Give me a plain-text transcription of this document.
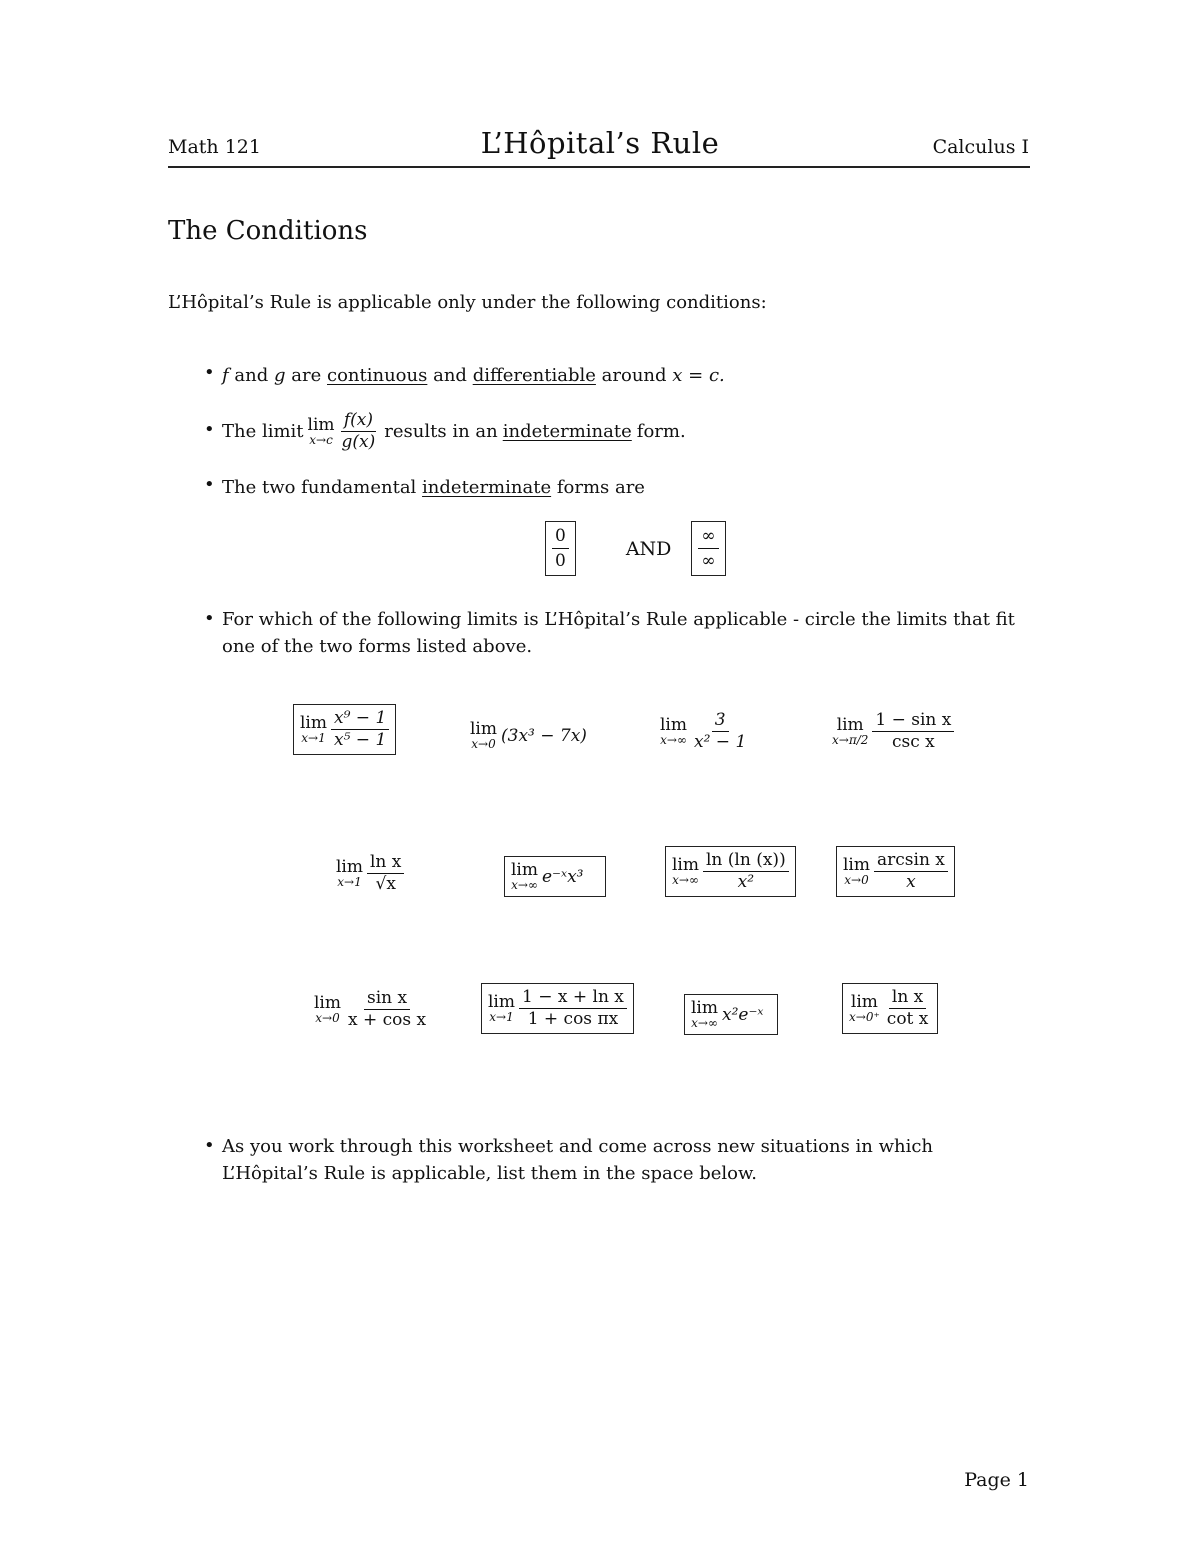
Math 121	L’Hôpital’s Rule	Calculus I
The Conditions
L’Hôpital’s Rule is applicable only under the following conditions:
• f and g are continuous and differentiable around x = c.
• The limit lim
$x\to c \frac{f(x)}{g(x)}$ results in an indeterminate form.
• The two fundamental indeterminate forms are
$\frac{0}{0}$	AND $\frac{\infty}{\infty}$
• For which of the following limits is L’Hôpital’s Rule applicable - circle the limits that fit one of the two forms listed above.
lim
$x\to 1 \frac{\text{x⁹ − 1}}{\text{x⁵ − 1}}$	lim
x→0 (3x³ − 7x)
lim
$x\to\infty \frac{3}{\text{x² − 1}}$	lim
$x\to\pi/2 \frac{\text{1 − sin x}}{\text{csc x}}$
lim
$x\to 1 \frac{\text{ln x}}{√x}$	lim
x→∞ e⁻ˣx³
lim
$x\to\infty \frac{\ln (\ln (x))}{\text{x²}}$	lim
$x\to 0 \frac{\text{arcsin x}}{x}$
lim
$x\to 0 \frac{\text{sin x}}{\text{x + cos x}}$	lim
$x\to 1 \frac{\text{1 − x + ln x}}{\text{1 + cos πx}}$	lim
x→∞ x²e⁻ˣ
lim
$x\to 0^+ \frac{\text{ln x}}{\text{cot x}}$
• As you work through this worksheet and come across new situations in which L’Hôpital’s Rule is applicable, list them in the space below.
Page 1
